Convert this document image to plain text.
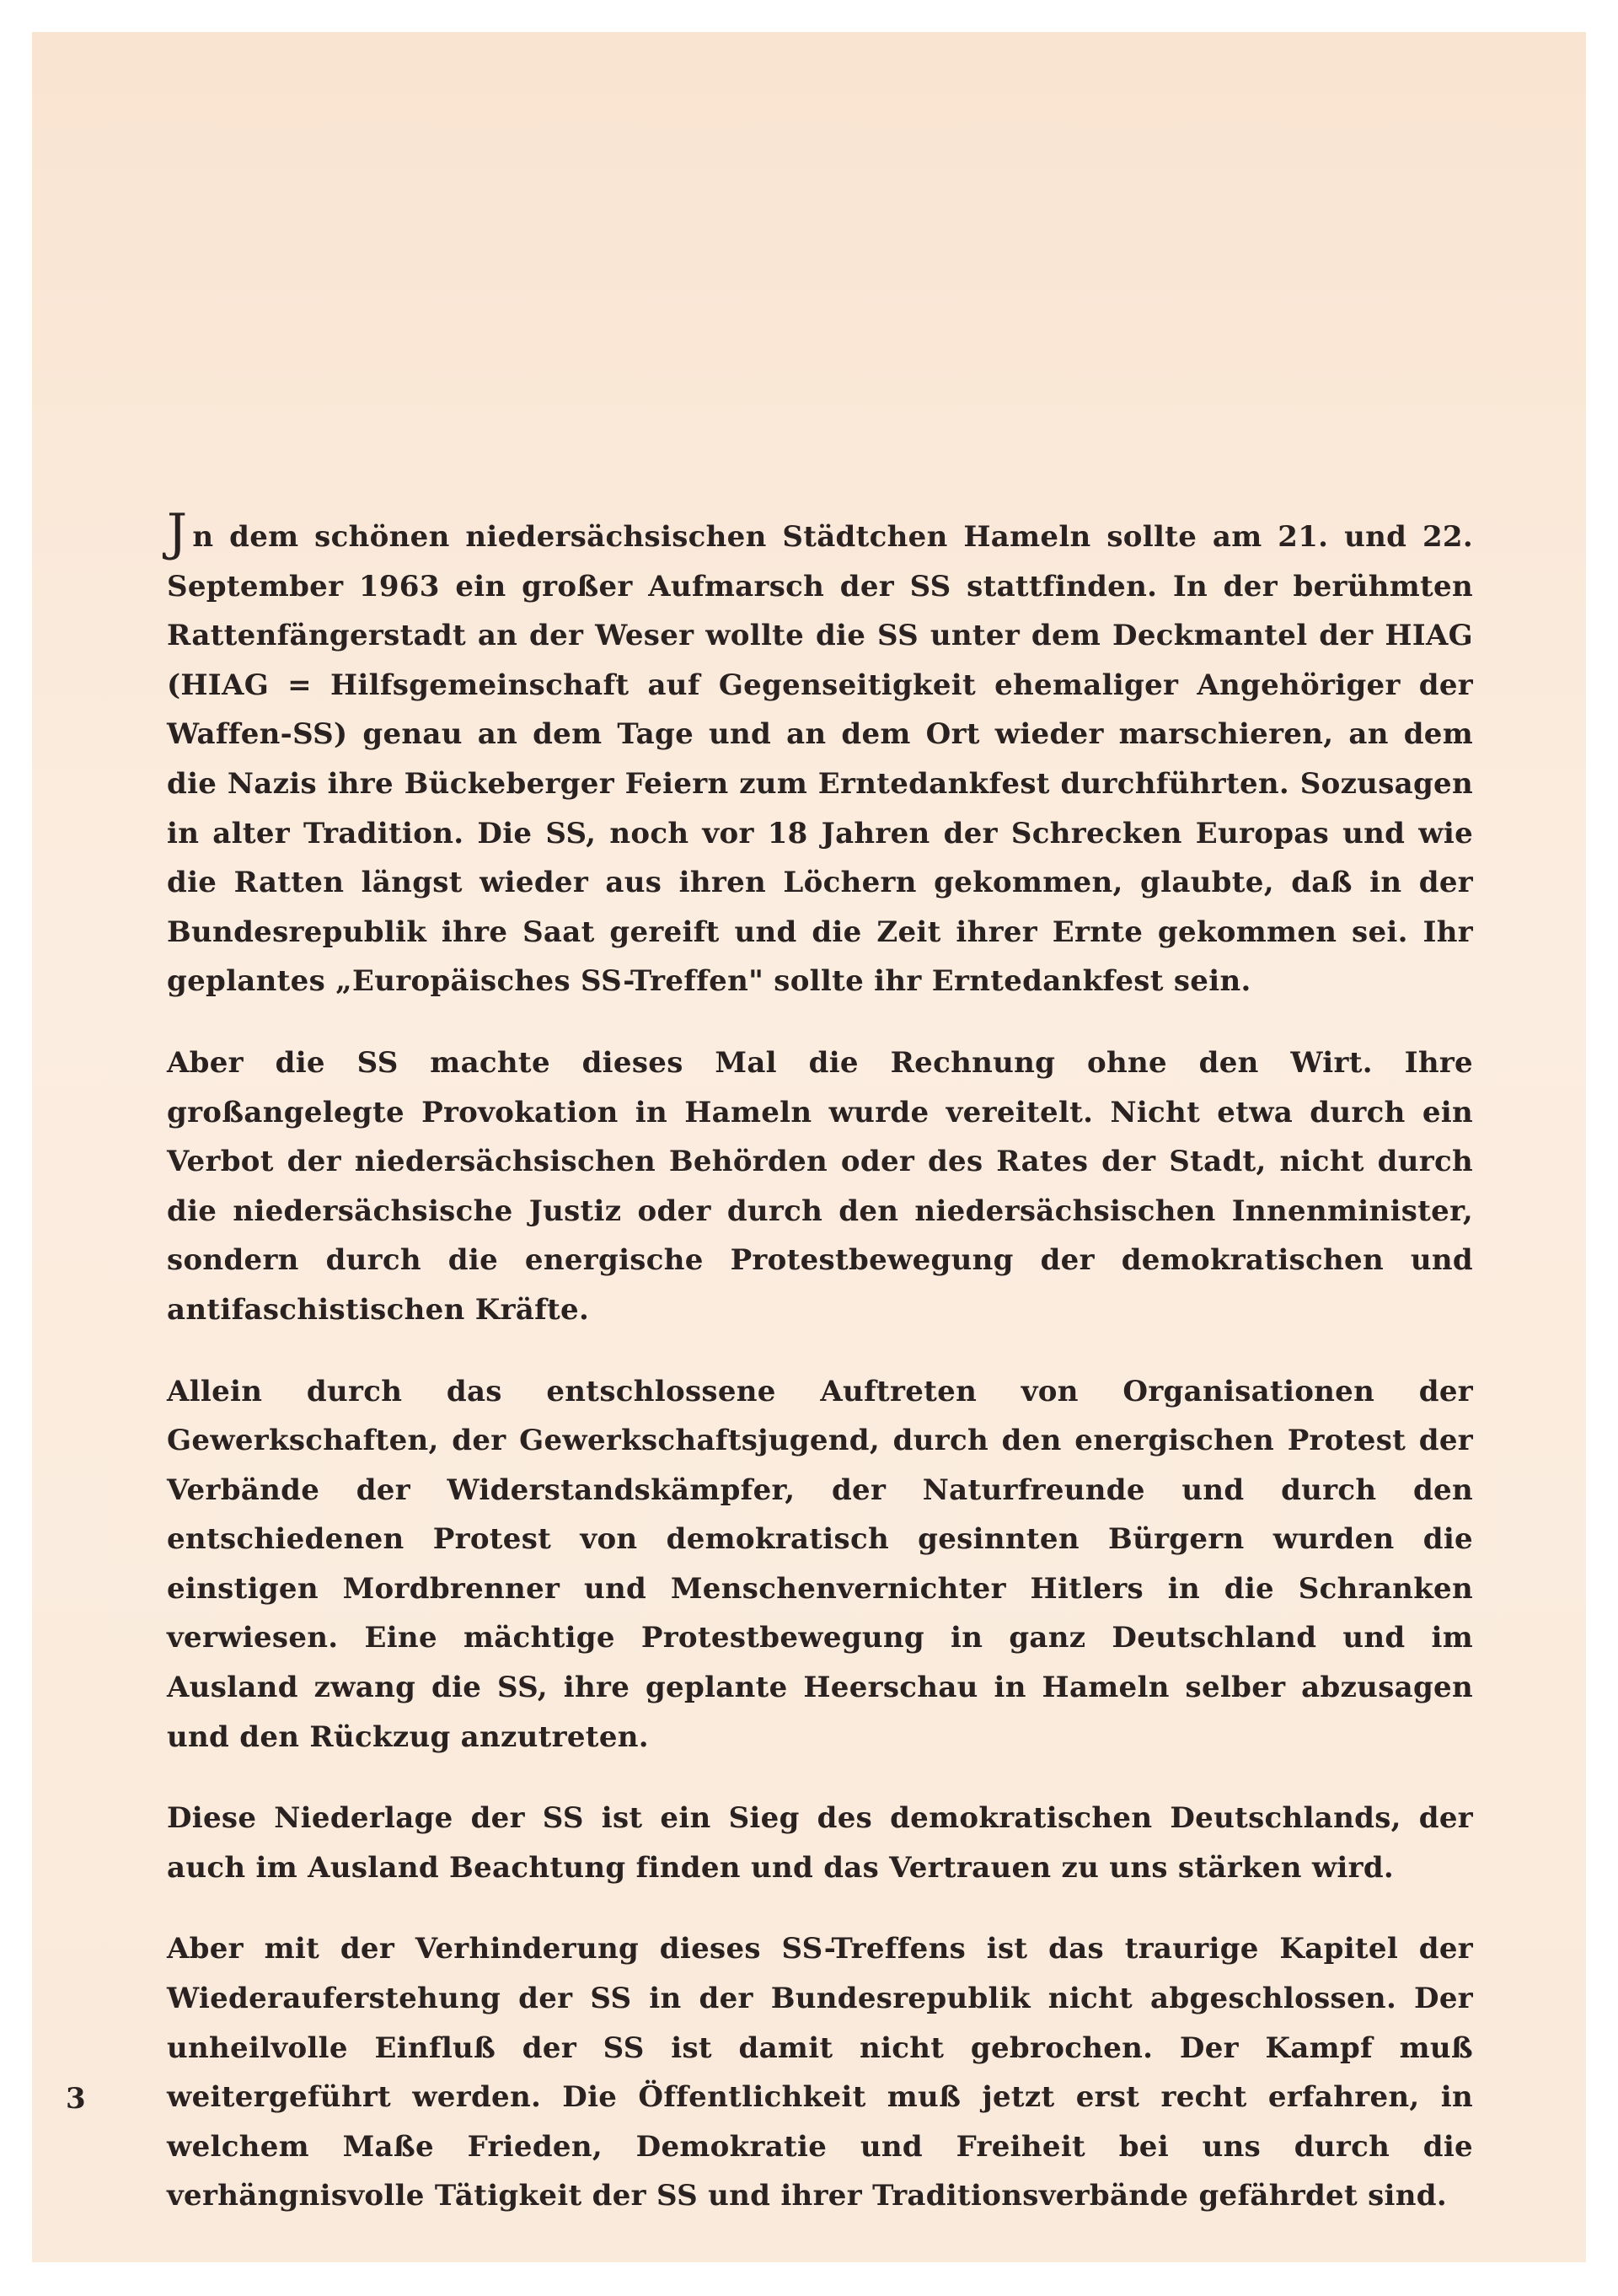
Jn dem schönen niedersächsischen Städtchen Hameln sollte am 21. und 22. September 1963 ein großer Aufmarsch der SS stattfinden. In der berühmten Rattenfängerstadt an der Weser wollte die SS unter dem Deckmantel der HIAG (HIAG = Hilfsgemeinschaft auf Gegenseitigkeit ehemaliger Angehöriger der Waffen-SS) genau an dem Tage und an dem Ort wieder marschieren, an dem die Nazis ihre Bückeberger Feiern zum Erntedankfest durchführten. Sozusagen in alter Tradition. Die SS, noch vor 18 Jahren der Schrecken Europas und wie die Ratten längst wieder aus ihren Löchern gekommen, glaubte, daß in der Bundesrepublik ihre Saat gereift und die Zeit ihrer Ernte gekommen sei. Ihr geplantes „Europäisches SS-Treffen" sollte ihr Erntedankfest sein.

Aber die SS machte dieses Mal die Rechnung ohne den Wirt. Ihre großangelegte Provokation in Hameln wurde vereitelt. Nicht etwa durch ein Verbot der niedersächsischen Behörden oder des Rates der Stadt, nicht durch die niedersächsische Justiz oder durch den niedersächsischen Innenminister, sondern durch die energische Protestbewegung der demokratischen und antifaschistischen Kräfte.

Allein durch das entschlossene Auftreten von Organisationen der Gewerkschaften, der Gewerkschaftsjugend, durch den energischen Protest der Verbände der Widerstandskämpfer, der Naturfreunde und durch den entschiedenen Protest von demokratisch gesinnten Bürgern wurden die einstigen Mordbrenner und Menschenvernichter Hitlers in die Schranken verwiesen. Eine mächtige Protestbewegung in ganz Deutschland und im Ausland zwang die SS, ihre geplante Heerschau in Hameln selber abzusagen und den Rückzug anzutreten.

Diese Niederlage der SS ist ein Sieg des demokratischen Deutschlands, der auch im Ausland Beachtung finden und das Vertrauen zu uns stärken wird.

Aber mit der Verhinderung dieses SS-Treffens ist das traurige Kapitel der Wiederauferstehung der SS in der Bundesrepublik nicht abgeschlossen. Der unheilvolle Einfluß der SS ist damit nicht gebrochen. Der Kampf muß weitergeführt werden. Die Öffentlichkeit muß jetzt erst recht erfahren, in welchem Maße Frieden, Demokratie und Freiheit bei uns durch die verhängnisvolle Tätigkeit der SS und ihrer Traditionsverbände gefährdet sind.

3
